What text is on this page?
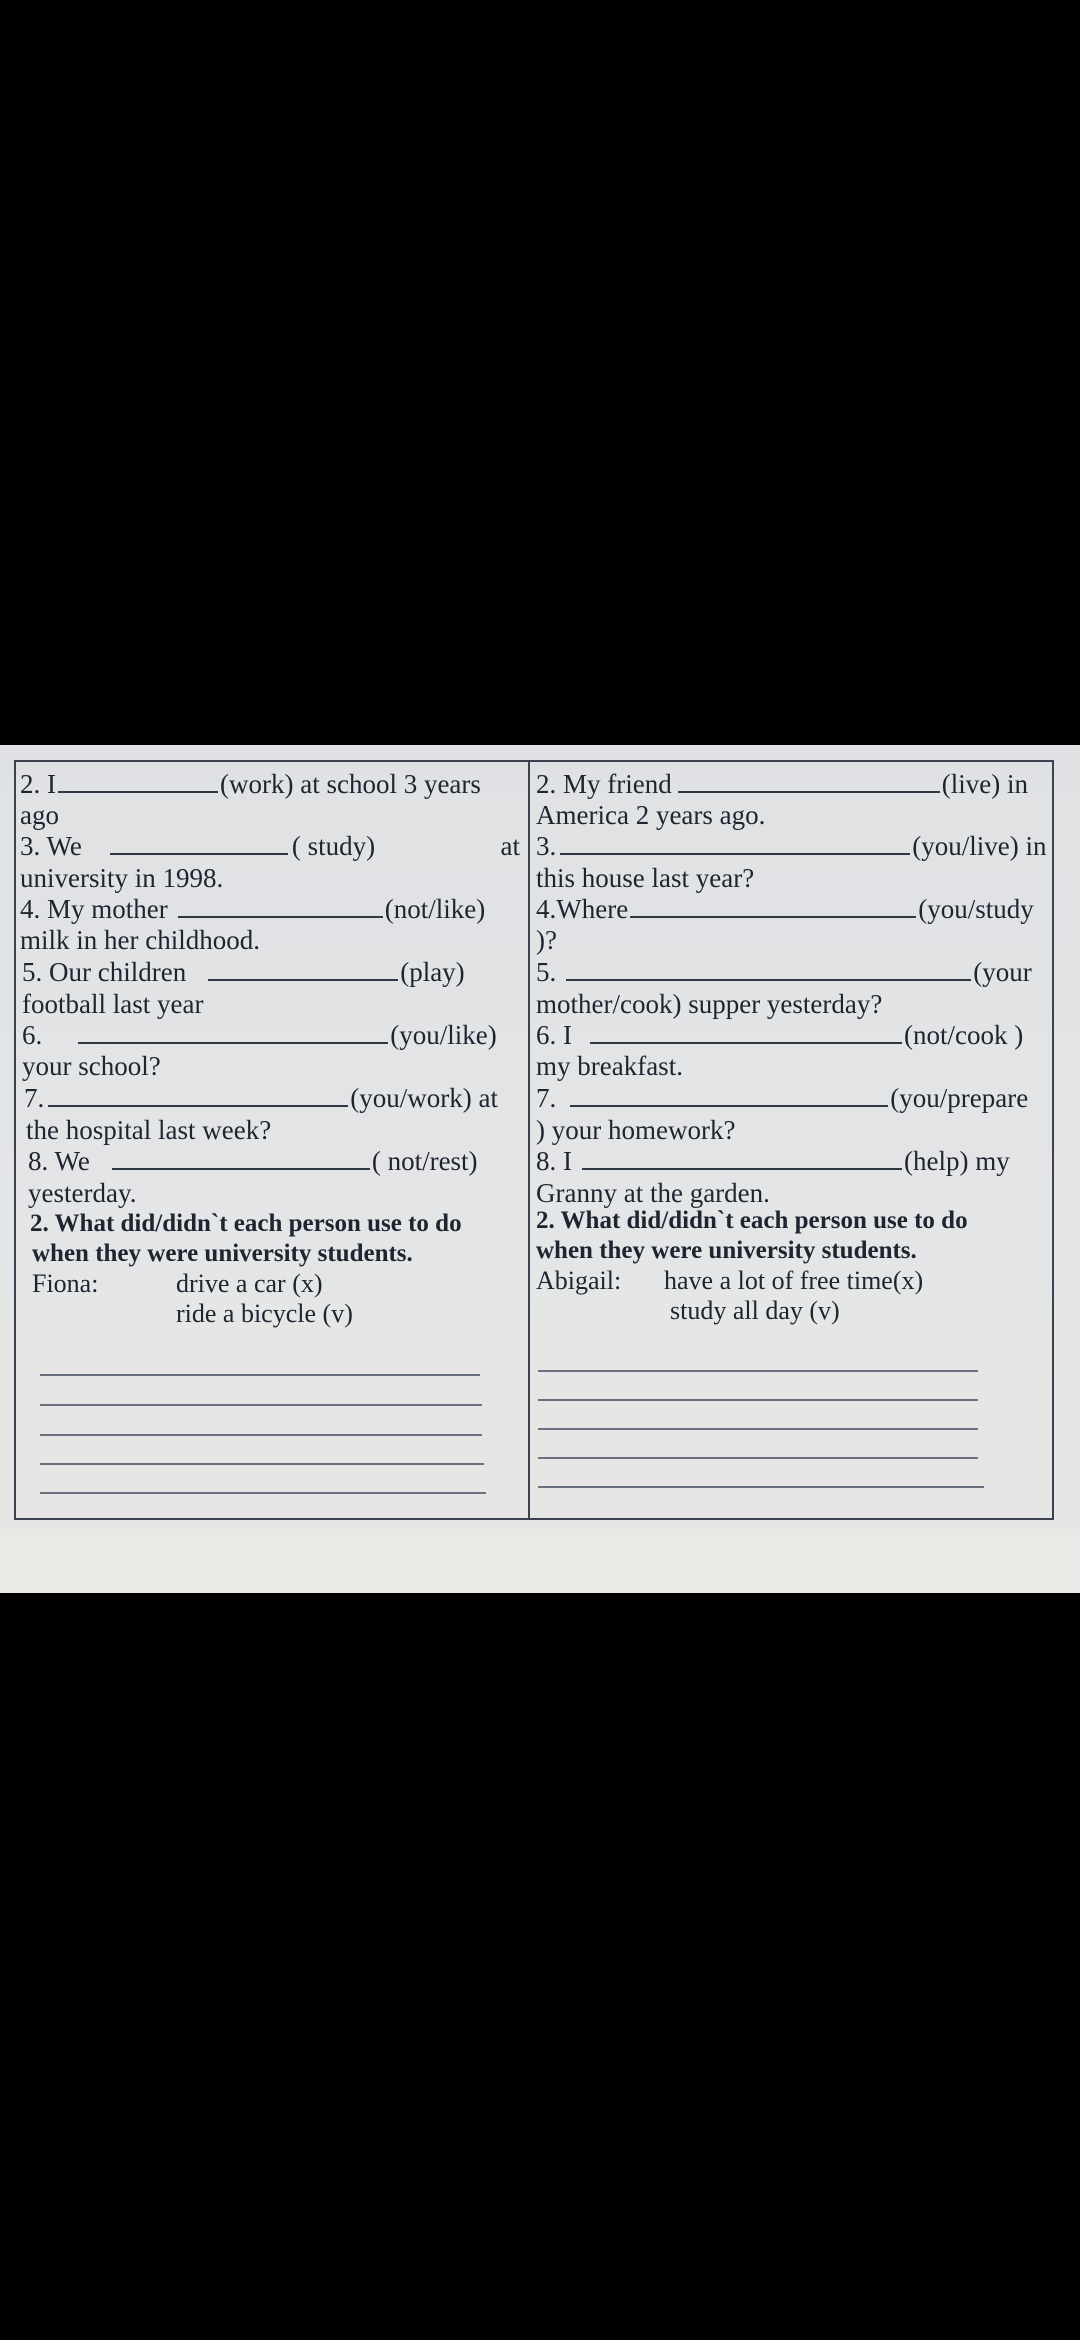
2. I	(work) at school 3 years
ago
3. We	( study)	at
university in 1998.
4. My mother	(not/like)
milk in her childhood.
5. Our children	(play)
football last year
6.	(you/like)
your school?
7.	(you/work) at
the hospital last week?
8. We	( not/rest)
yesterday.
2. What did/didn`t each person use to do
when they were university students.
Fiona:	drive a car (x)
ride a bicycle (v)
2. My friend	(live) in
America 2 years ago.
3.	(you/live) in
this house last year?
4.Where	(you/study
)?
5.	(your
mother/cook) supper yesterday?
6. I	(not/cook )
my breakfast.
7.	(you/prepare
) your homework?
8. I	(help) my
Granny at the garden.
2. What did/didn`t each person use to do
when they were university students.
Abigail:	have a lot of free time(x)
study all day (v)
